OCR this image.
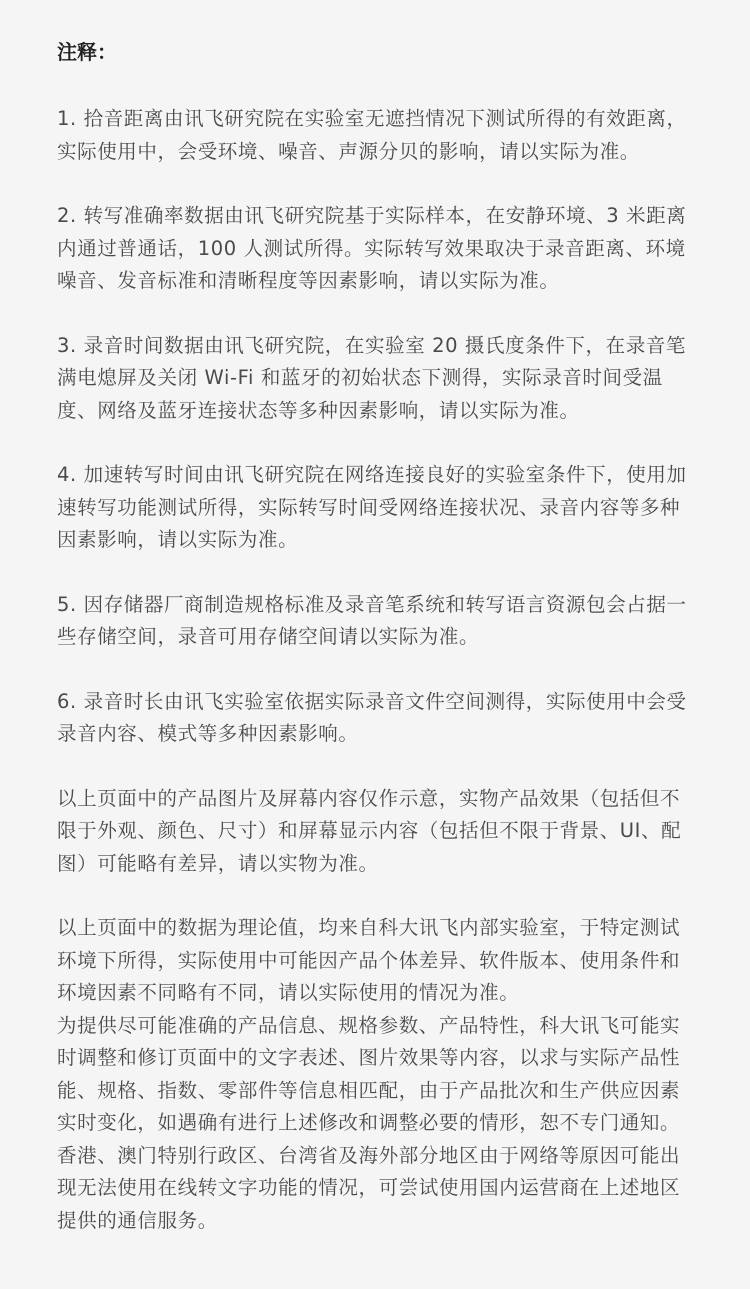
注释：

1. 拾音距离由讯飞研究院在实验室无遮挡情况下测试所得的有效距离，实际使用中，会受环境、噪音、声源分贝的影响，请以实际为准。

2. 转写准确率数据由讯飞研究院基于实际样本，在安静环境、3 米距离内通过普通话，100 人测试所得。实际转写效果取决于录音距离、环境噪音、发音标准和清晰程度等因素影响，请以实际为准。

3. 录音时间数据由讯飞研究院，在实验室 20 摄氏度条件下，在录音笔满电熄屏及关闭 Wi-Fi 和蓝牙的初始状态下测得，实际录音时间受温度、网络及蓝牙连接状态等多种因素影响，请以实际为准。

4. 加速转写时间由讯飞研究院在网络连接良好的实验室条件下，使用加速转写功能测试所得，实际转写时间受网络连接状况、录音内容等多种因素影响，请以实际为准。

5. 因存储器厂商制造规格标准及录音笔系统和转写语言资源包会占据一些存储空间，录音可用存储空间请以实际为准。

6. 录音时长由讯飞实验室依据实际录音文件空间测得，实际使用中会受录音内容、模式等多种因素影响。

以上页面中的产品图片及屏幕内容仅作示意，实物产品效果（包括但不限于外观、颜色、尺寸）和屏幕显示内容（包括但不限于背景、UI、配图）可能略有差异，请以实物为准。

以上页面中的数据为理论值，均来自科大讯飞内部实验室，于特定测试环境下所得，实际使用中可能因产品个体差异、软件版本、使用条件和环境因素不同略有不同，请以实际使用的情况为准。

为提供尽可能准确的产品信息、规格参数、产品特性，科大讯飞可能实时调整和修订页面中的文字表述、图片效果等内容，以求与实际产品性能、规格、指数、零部件等信息相匹配，由于产品批次和生产供应因素实时变化，如遇确有进行上述修改和调整必要的情形，恕不专门通知。

香港、澳门特别行政区、台湾省及海外部分地区由于网络等原因可能出现无法使用在线转文字功能的情况，可尝试使用国内运营商在上述地区提供的通信服务。
